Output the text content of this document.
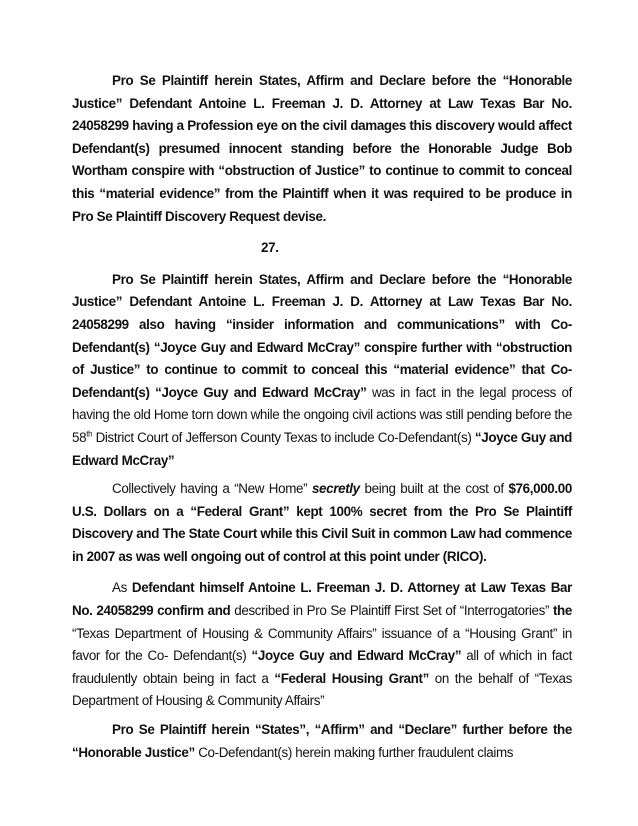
Pro Se Plaintiff herein States, Affirm and Declare before the “Honorable Justice” Defendant Antoine L. Freeman J. D. Attorney at Law Texas Bar No. 24058299 having a Profession eye on the civil damages this discovery would affect Defendant(s) presumed innocent standing before the Honorable Judge Bob Wortham conspire with “obstruction of Justice” to continue to commit to conceal this “material evidence” from the Plaintiff when it was required to be produce in Pro Se Plaintiff Discovery Request devise.

27.

Pro Se Plaintiff herein States, Affirm and Declare before the “Honorable Justice” Defendant Antoine L. Freeman J. D. Attorney at Law Texas Bar No. 24058299 also having “insider information and communications” with Co-Defendant(s) “Joyce Guy and Edward McCray” conspire further with “obstruction of Justice” to continue to commit to conceal this “material evidence” that Co-Defendant(s) “Joyce Guy and Edward McCray” was in fact in the legal process of having the old Home torn down while the ongoing civil actions was still pending before the 58th District Court of Jefferson County Texas to include Co-Defendant(s) “Joyce Guy and Edward McCray”

Collectively having a “New Home” secretly being built at the cost of $76,000.00 U.S. Dollars on a “Federal Grant” kept 100% secret from the Pro Se Plaintiff Discovery and The State Court while this Civil Suit in common Law had commence in 2007 as was well ongoing out of control at this point under (RICO).

As Defendant himself Antoine L. Freeman J. D. Attorney at Law Texas Bar No. 24058299 confirm and described in Pro Se Plaintiff First Set of “Interrogatories” the “Texas Department of Housing & Community Affairs” issuance of a “Housing Grant” in favor for the Co- Defendant(s) “Joyce Guy and Edward McCray” all of which in fact fraudulently obtain being in fact a “Federal Housing Grant” on the behalf of “Texas Department of Housing & Community Affairs”

Pro Se Plaintiff herein “States”, “Affirm” and “Declare” further before the “Honorable Justice” Co-Defendant(s) herein making further fraudulent claims
